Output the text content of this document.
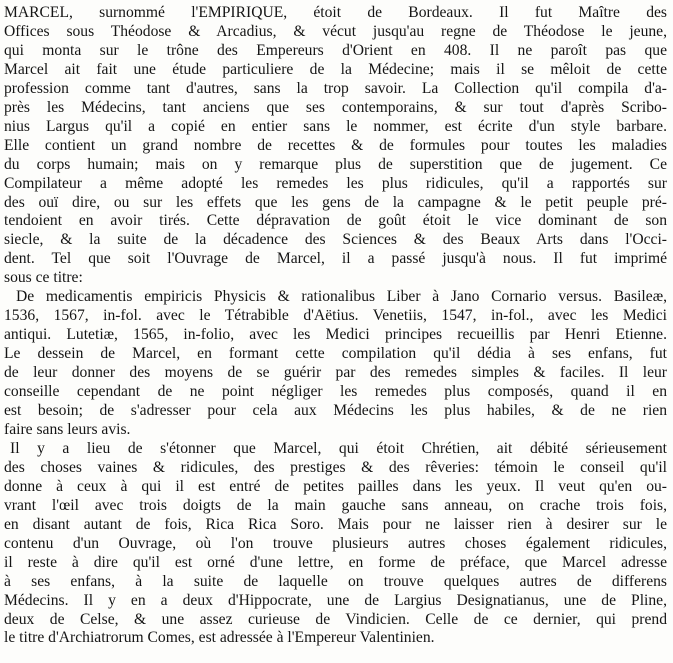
MARCEL, surnommé l'EMPIRIQUE, étoit de Bordeaux. Il fut Maître des
Offices sous Théodose & Arcadius, & vécut jusqu'au regne de Théodose le jeune,
qui monta sur le trône des Empereurs d'Orient en 408. Il ne paroît pas que
Marcel ait fait une étude particuliere de la Médecine; mais il se mêloit de cette
profession comme tant d'autres, sans la trop savoir. La Collection qu'il compila d'a-
près les Médecins, tant anciens que ses contemporains, & sur tout d'après Scribo-
nius Largus qu'il a copié en entier sans le nommer, est écrite d'un style barbare.
Elle contient un grand nombre de recettes & de formules pour toutes les maladies
du corps humain; mais on y remarque plus de superstition que de jugement. Ce
Compilateur a même adopté les remedes les plus ridicules, qu'il a rapportés sur
des ouï dire, ou sur les effets que les gens de la campagne & le petit peuple pré-
tendoient en avoir tirés. Cette dépravation de goût étoit le vice dominant de son
siecle, & la suite de la décadence des Sciences & des Beaux Arts dans l'Occi-
dent. Tel que soit l'Ouvrage de Marcel, il a passé jusqu'à nous. Il fut imprimé
sous ce titre:
De medicamentis empiricis Physicis & rationalibus Liber à Jano Cornario versus. Basileæ,
1536, 1567, in-fol. avec le Tétrabible d'Aëtius. Venetiis, 1547, in-fol., avec les Medici
antiqui. Lutetiæ, 1565, in-folio, avec les Medici principes recueillis par Henri Etienne.
Le dessein de Marcel, en formant cette compilation qu'il dédia à ses enfans, fut
de leur donner des moyens de se guérir par des remedes simples & faciles. Il leur
conseille cependant de ne point négliger les remedes plus composés, quand il en
est besoin; de s'adresser pour cela aux Médecins les plus habiles, & de ne rien
faire sans leurs avis.
Il y a lieu de s'étonner que Marcel, qui étoit Chrétien, ait débité sérieusement
des choses vaines & ridicules, des prestiges & des rêveries: témoin le conseil qu'il
donne à ceux à qui il est entré de petites pailles dans les yeux. Il veut qu'en ou-
vrant l'œil avec trois doigts de la main gauche sans anneau, on crache trois fois,
en disant autant de fois, Rica Rica Soro. Mais pour ne laisser rien à desirer sur le
contenu d'un Ouvrage, où l'on trouve plusieurs autres choses également ridicules,
il reste à dire qu'il est orné d'une lettre, en forme de préface, que Marcel adresse
à ses enfans, à la suite de laquelle on trouve quelques autres de differens
Médecins. Il y en a deux d'Hippocrate, une de Largius Designatianus, une de Pline,
deux de Celse, & une assez curieuse de Vindicien. Celle de ce dernier, qui prend
le titre d'Archiatrorum Comes, est adressée à l'Empereur Valentinien.
